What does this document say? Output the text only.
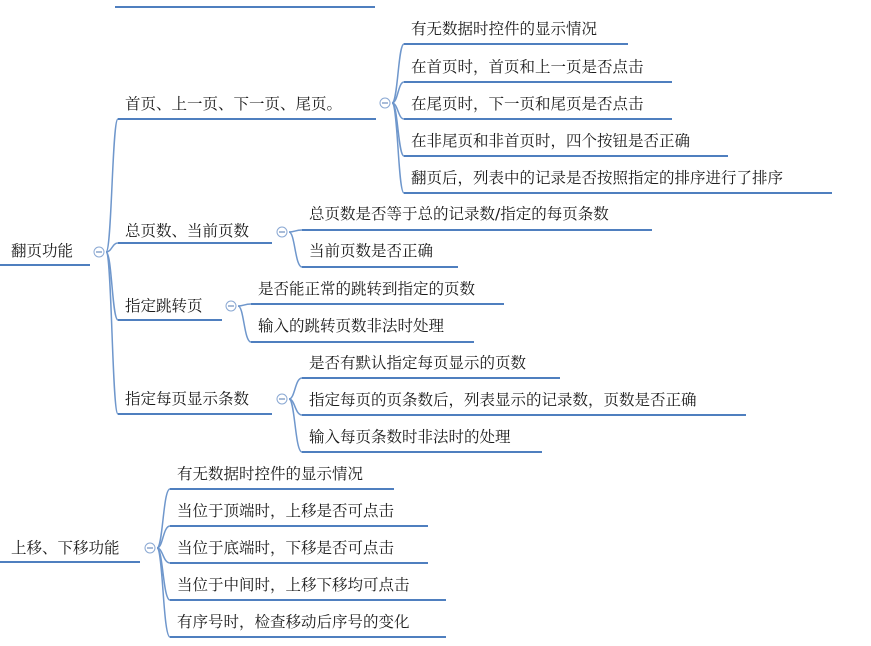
翻页功能
首页、上一页、下一页、尾页。
有无数据时控件的显示情况
在首页时，首页和上一页是否点击
在尾页时，下一页和尾页是否点击
在非尾页和非首页时，四个按钮是否正确
翻页后，列表中的记录是否按照指定的排序进行了排序
总页数、当前页数
总页数是否等于总的记录数/指定的每页条数
当前页数是否正确
指定跳转页
是否能正常的跳转到指定的页数
输入的跳转页数非法时处理
指定每页显示条数
是否有默认指定每页显示的页数
指定每页的页条数后，列表显示的记录数，页数是否正确
输入每页条数时非法时的处理
上移、下移功能
有无数据时控件的显示情况
当位于顶端时，上移是否可点击
当位于底端时，下移是否可点击
当位于中间时，上移下移均可点击
有序号时，检查移动后序号的变化
